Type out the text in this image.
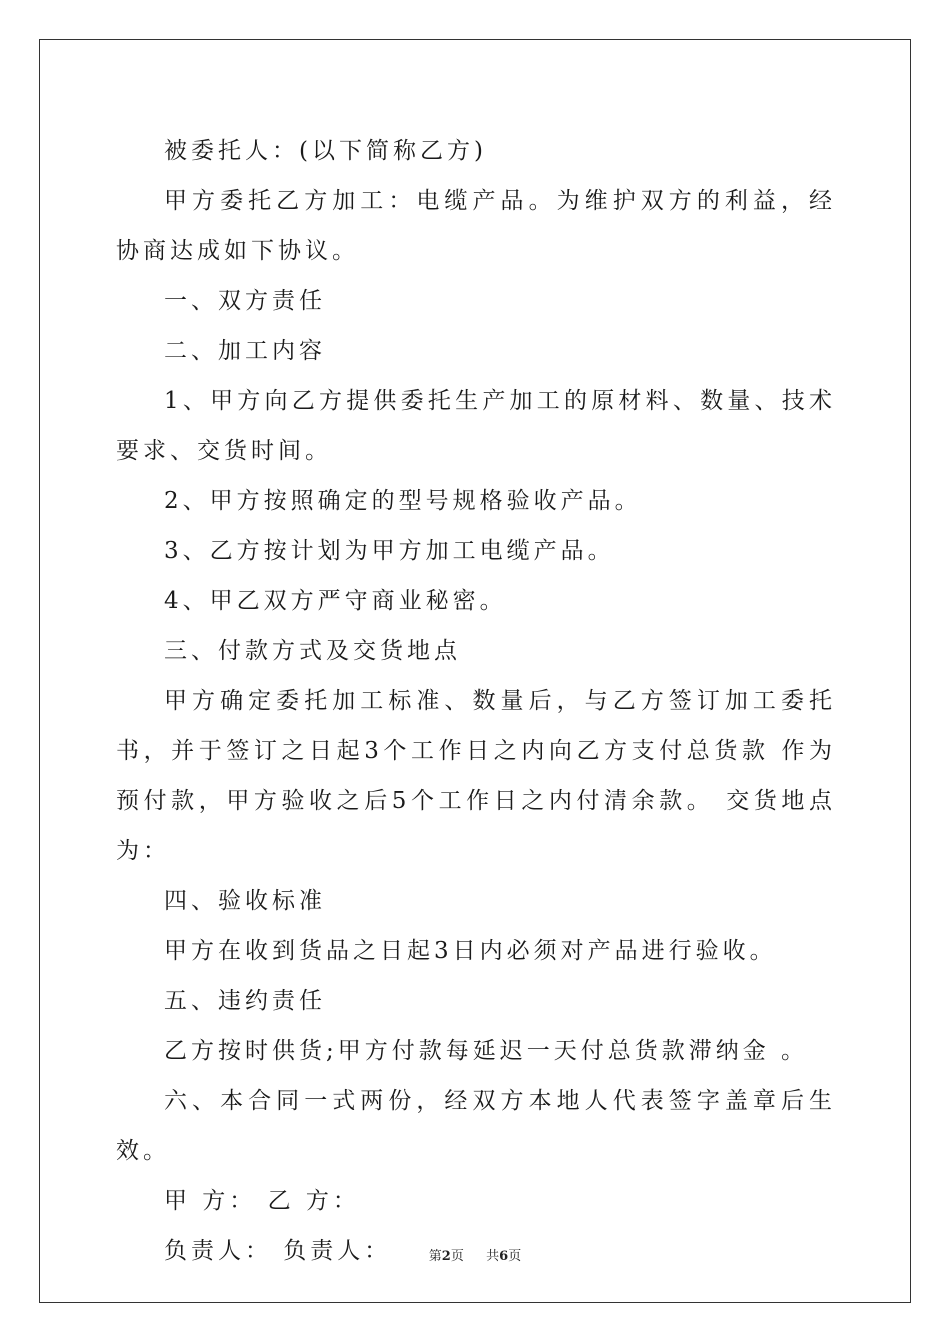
被委托人：(以下简称乙方)

甲方委托乙方加工：电缆产品。为维护双方的利益，经协商达成如下协议。

一、双方责任

二、加工内容

1、甲方向乙方提供委托生产加工的原材料、数量、技术要求、交货时间。

2、甲方按照确定的型号规格验收产品。

3、乙方按计划为甲方加工电缆产品。

4、甲乙双方严守商业秘密。

三、付款方式及交货地点

甲方确定委托加工标准、数量后，与乙方签订加工委托书，并于签订之日起3个工作日之内向乙方支付总货款 作为预付款，甲方验收之后5个工作日之内付清余款。 交货地点为：

四、验收标准

甲方在收到货品之日起3日内必须对产品进行验收。

五、违约责任

乙方按时供货;甲方付款每延迟一天付总货款滞纳金 。

六、本合同一式两份，经双方本地人代表签字盖章后生效。

甲 方： 乙 方：

负责人： 负责人：	第2页 共6页
